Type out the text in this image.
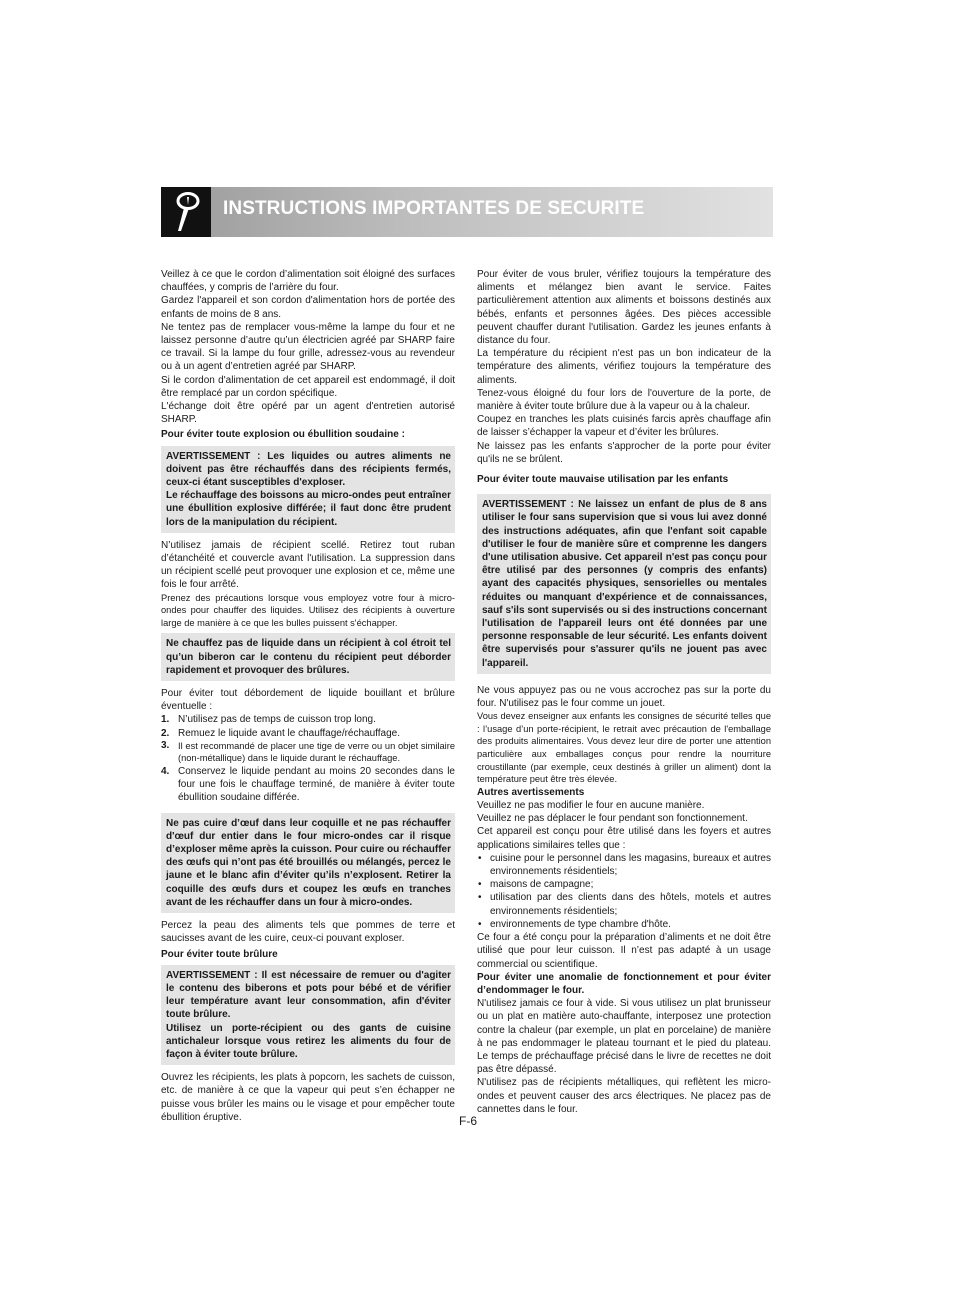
INSTRUCTIONS IMPORTANTES DE SECURITE

Veillez à ce que le cordon d’alimentation soit éloigné des surfaces chauffées, y compris de l’arrière du four.

Gardez l'appareil et son cordon d'alimentation hors de portée des enfants de moins de 8 ans.

Ne tentez pas de remplacer vous-même la lampe du four et ne laissez personne d’autre qu’un électricien agréé par SHARP faire ce travail. Si la lampe du four grille, adressez-vous au revendeur ou à un agent d’entretien agréé par SHARP.

Si le cordon d'alimentation de cet appareil est endommagé, il doit être remplacé par un cordon spécifique.

L'échange doit être opéré par un agent d'entretien autorisé SHARP.

Pour éviter toute explosion ou ébullition soudaine :

AVERTISSEMENT : Les liquides ou autres aliments ne doivent pas être réchauffés dans des récipients fermés, ceux-ci étant susceptibles d'exploser.

Le réchauffage des boissons au micro-ondes peut entraîner une ébullition explosive différée; il faut donc être prudent lors de la manipulation du récipient.

N’utilisez jamais de récipient scellé. Retirez tout ruban d’étanchéité et couvercle avant l'utilisation. La suppression dans un récipient scellé peut provoquer une explosion et ce, même une fois le four arrêté.

Prenez des précautions lorsque vous employez votre four à micro-ondes pour chauffer des liquides. Utilisez des récipients à ouverture large de manière à ce que les bulles puissent s'échapper.

Ne chauffez pas de liquide dans un récipient à col étroit tel qu’un biberon car le contenu du récipient peut déborder rapidement et provoquer des brûlures.

Pour éviter tout débordement de liquide bouillant et brûlure éventuelle :

1. N’utilisez pas de temps de cuisson trop long.
2. Remuez le liquide avant le chauffage/réchauffage.
3. Il est recommandé de placer une tige de verre ou un objet similaire (non-métallique) dans le liquide durant le réchauffage.
4. Conservez le liquide pendant au moins 20 secondes dans le four une fois le chauffage terminé, de manière à éviter toute ébullition soudaine différée.

Ne pas cuire d’œuf dans leur coquille et ne pas réchauffer d'œuf dur entier dans le four micro-ondes car il risque d’exploser même après la cuisson. Pour cuire ou réchauffer des œufs qui n’ont pas été brouillés ou mélangés, percez le jaune et le blanc afin d’éviter qu’ils n’explosent. Retirer la coquille des œufs durs et coupez les œufs en tranches avant de les réchauffer dans un four à micro-ondes.

Percez la peau des aliments tels que pommes de terre et saucisses avant de les cuire, ceux-ci pouvant exploser.

Pour éviter toute brûlure

AVERTISSEMENT : Il est nécessaire de remuer ou d'agiter le contenu des biberons et pots pour bébé et de vérifier leur température avant leur consommation, afin d'éviter toute brûlure.

Utilisez un porte-récipient ou des gants de cuisine antichaleur lorsque vous retirez les aliments du four de façon à éviter toute brûlure.

Ouvrez les récipients, les plats à popcorn, les sachets de cuisson, etc. de manière à ce que la vapeur qui peut s’en échapper ne puisse vous brûler les mains ou le visage et pour empêcher toute ébullition éruptive.

Pour éviter de vous bruler, vérifiez toujours la température des aliments et mélangez bien avant le service. Faites particulièrement attention aux aliments et boissons destinés aux bébés, enfants et personnes âgées. Des pièces accessible peuvent chauffer durant l'utilisation. Gardez les jeunes enfants à distance du four.

La température du récipient n'est pas un bon indicateur de la température des aliments, vérifiez toujours la température des aliments.

Tenez-vous éloigné du four lors de l'ouverture de la porte, de manière à éviter toute brûlure due à la vapeur ou à la chaleur.

Coupez en tranches les plats cuisinés farcis après chauffage afin de laisser s’échapper la vapeur et d’éviter les brûlures.

Ne laissez pas les enfants s'approcher de la porte pour éviter qu'ils ne se brûlent.

Pour éviter toute mauvaise utilisation par les enfants

AVERTISSEMENT : Ne laissez un enfant de plus de 8 ans utiliser le four sans supervision que si vous lui avez donné des instructions adéquates, afin que l'enfant soit capable d'utiliser le four de manière sûre et comprenne les dangers d'une utilisation abusive. Cet appareil n'est pas conçu pour être utilisé par des personnes (y compris des enfants) ayant des capacités physiques, sensorielles ou mentales réduites ou manquant d'expérience et de connaissances, sauf s'ils sont supervisés ou si des instructions concernant l'utilisation de l'appareil leurs ont été données par une personne responsable de leur sécurité. Les enfants doivent être supervisés pour s'assurer qu'ils ne jouent pas avec l'appareil.

Ne vous appuyez pas ou ne vous accrochez pas sur la porte du four. N'utilisez pas le four comme un jouet.

Vous devez enseigner aux enfants les consignes de sécurité telles que : l’usage d’un porte-récipient, le retrait avec précaution de l'emballage des produits alimentaires. Vous devez leur dire de porter une attention particulière aux emballages conçus pour rendre la nourriture croustillante (par exemple, ceux destinés à griller un aliment) dont la température peut être très élevée.

Autres avertissements

Veuillez ne pas modifier le four en aucune manière.

Veuillez ne pas déplacer le four pendant son fonctionnement.

Cet appareil est conçu pour être utilisé dans les foyers et autres applications similaires telles que :

• cuisine pour le personnel dans les magasins, bureaux et autres environnements résidentiels;
• maisons de campagne;
• utilisation par des clients dans des hôtels, motels et autres environnements résidentiels;
• environnements de type chambre d'hôte.

Ce four a été conçu pour la préparation d’aliments et ne doit être utilisé que pour leur cuisson. Il n’est pas adapté à un usage commercial ou scientifique.

Pour éviter une anomalie de fonctionnement et pour éviter d’endommager le four.

N'utilisez jamais ce four à vide. Si vous utilisez un plat brunisseur ou un plat en matière auto-chauffante, interposez une protection contre la chaleur (par exemple, un plat en porcelaine) de manière à ne pas endommager le plateau tournant et le pied du plateau. Le temps de préchauffage précisé dans le livre de recettes ne doit pas être dépassé.

N'utilisez pas de récipients métalliques, qui reflètent les micro-ondes et peuvent causer des arcs électriques. Ne placez pas de cannettes dans le four.

F-6
